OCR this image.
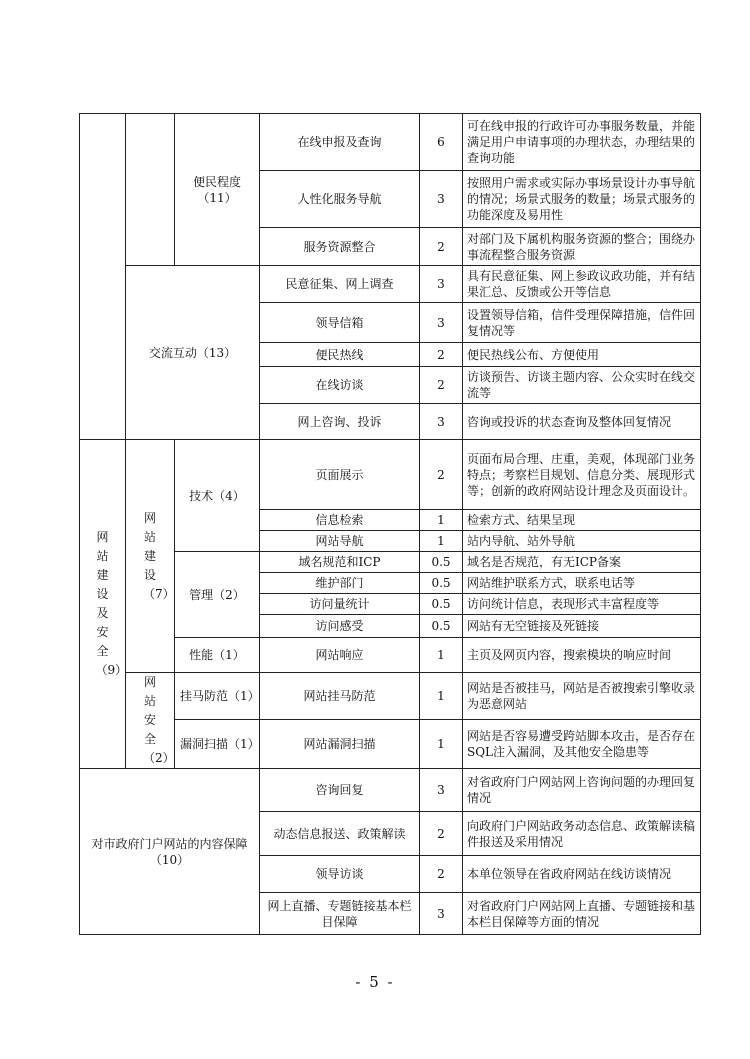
		便民程度（11）	在线申报及查询	6	可在线申报的行政许可办事服务数量，并能满足用户申请事项的办理状态，办理结果的查询功能
			人性化服务导航	3	按照用户需求或实际办事场景设计办事导航的情况；场景式服务的数量；场景式服务的功能深度及易用性
			服务资源整合	2	对部门及下属机构服务资源的整合；围绕办事流程整合服务资源
	交流互动（13）		民意征集、网上调查	3	具有民意征集、网上参政议政功能，并有结果汇总、反馈或公开等信息
			领导信箱	3	设置领导信箱，信件受理保障措施，信件回复情况等
			便民热线	2	便民热线公布、方便使用
			在线访谈	2	访谈预告、访谈主题内容、公众实时在线交流等
			网上咨询、投诉	3	咨询或投诉的状态查询及整体回复情况
网站建设及安全（9）	网站建设（7）	技术（4）	页面展示	2	页面布局合理、庄重，美观，体现部门业务特点；考察栏目规划、信息分类、展现形式等；创新的政府网站设计理念及页面设计。
			信息检索	1	检索方式、结果呈现
			网站导航	1	站内导航、站外导航
		管理（2）	域名规范和ICP	0.5	域名是否规范，有无ICP备案
			维护部门	0.5	网站维护联系方式，联系电话等
			访问量统计	0.5	访问统计信息，表现形式丰富程度等
			访问感受	0.5	网站有无空链接及死链接
		性能（1）	网站响应	1	主页及网页内容，搜索模块的响应时间
	网站安全（2）	挂马防范（1）	网站挂马防范	1	网站是否被挂马，网站是否被搜索引擎收录为恶意网站
		漏洞扫描（1）	网站漏洞扫描	1	网站是否容易遭受跨站脚本攻击，是否存在SQL注入漏洞，及其他安全隐患等
对市政府门户网站的内容保障（10）			咨询回复	3	对省政府门户网站网上咨询问题的办理回复情况
			动态信息报送、政策解读	2	向政府门户网站政务动态信息、政策解读稿件报送及采用情况
			领导访谈	2	本单位领导在省政府网站在线访谈情况
			网上直播、专题链接基本栏目保障	3	对省政府门户网站网上直播、专题链接和基本栏目保障等方面的情况
- 5 -
